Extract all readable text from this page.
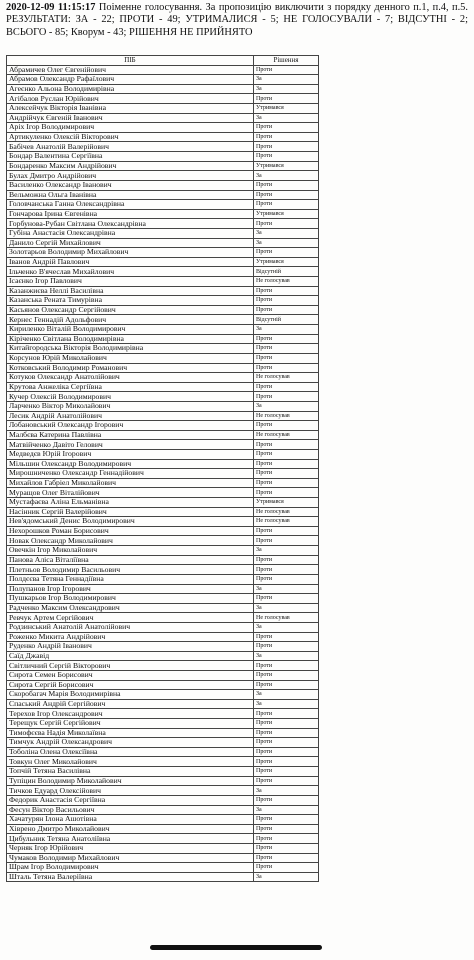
2020-12-09 11:15:17 Поіменне голосування. За пропозицію виключити з порядку денного п.1, п.4, п.5. РЕЗУЛЬТАТИ: ЗА - 22; ПРОТИ - 49; УТРИМАЛИСЯ - 5; НЕ ГОЛОСУВАЛИ - 7; ВІДСУТНІ - 2; ВСЬОГО - 85; Кворум - 43; РІШЕННЯ НЕ ПРИЙНЯТО
ПІБ	Рішення
Абрамичев Олег Євгенійович	Проти
Абрамов Олександр Рафаїлович	За
Агеєнко Альона Володимирівна	За
Агібалов Руслан Юрійович	Проти
Алексейчук Вікторія Іванівна	Утримався
Андрійчук Євгеній Іванович	За
Аріх Ігор Володимирович	Проти
Артикуленко Олексій Вікторович	Проти
Бабічев Анатолій Валерійович	Проти
Бондар Валентина Сергіївна	Проти
Бондаренко Максим Андрійович	Утримався
Булах Дмитро Андрійович	За
Василенко Олександр Іванович	Проти
Вельможна Ольга Іванівна	Проти
Головчанська Ганна Олександрівна	Проти
Гончарова Ірина Євгенівна	Утримався
Горбунова-Рубан Світлана Олександрівна	Проти
Губіна Анастасія Олександрівна	За
Данило Сергій Михайлович	За
Золотарьов Володимир Михайлович	Проти
Іванов Андрій Павлович	Утримався
Ільченко В'ячеслав Михайлович	Відсутній
Ісаєнко Ігор Павлович	Не голосував
Казанжиєва Неллі Василівна	Проти
Казанська Рената Тимурівна	Проти
Касьянов Олександр Сергійович	Проти
Кернес Геннадій Адольфович	Відсутній
Кириленко Віталій Володимирович	За
Кіріченко Світлана Володимирівна	Проти
Китайгородська Вікторія Володимирівна	Проти
Корсунов Юрій Миколайович	Проти
Котковський Володимир Романович	Проти
Котуков Олександр Анатолійович	Не голосував
Крутова Анжеліка Сергіївна	Проти
Кучер Олексій Володимирович	Проти
Ларченко Віктор Миколайович	За
Лесик Андрій Анатолійович	Не голосував
Лобановський Олександр Ігорович	Проти
Малбєва Катерина Павлівна	Не голосував
Матвійченко Давіто Гелович	Проти
Медведєв Юрій Ігорович	Проти
Мільшин Олександр Володимирович	Проти
Мирошниченко Олександр Геннадійович	Проти
Михайлов Габріел Миколайович	Проти
Муращов Олег Віталійович	Проти
Мустафаєва Аліна Ельманівна	Утримався
Насінник Сергій Валерійович	Не голосував
Нев'ядомський Денис Володимирович	Не голосував
Нехорошков Роман Борисович	Проти
Новак Олександр Миколайович	Проти
Овечкін Ігор Миколайович	За
Панова Аліса Віталіївна	Проти
Плетньов Володимир Васильович	Проти
Полдєєва Тетяна Геннадіївна	Проти
Полупанов Ігор Ігорович	За
Пушкарьов Ігор Володимирович	Проти
Радченко Максим Олександрович	За
Ревчук Артем Сергійович	Не голосував
Родзинський Анатолій Анатолійович	За
Роженко Микита Андрійович	Проти
Руденко Андрій Іванович	Проти
Саїд Джавід	За
Світличний Сергій Вікторович	Проти
Сирота Семен Борисович	Проти
Сирота Сергій Борисович	Проти
Скоробагач Марія Володимирівна	За
Спаський Андрій Сергійович	За
Терехов Ігор Олександрович	Проти
Терещук Сергій Сергійович	Проти
Тимофєєва Надія Миколаївна	Проти
Тимчук Андрій Олександрович	Проти
Тоболіна Олена Олексіївна	Проти
Товкун Олег Миколайович	Проти
Топчій Тетяна Василівна	Проти
Тупіцин Володимир Миколайович	Проти
Тичков Едуард Олексійович	За
Федорик Анастасія Сергіївна	Проти
Фесун Віктор Васильович	За
Хачатурян Ілона Ашотівна	Проти
Хіврено Дмитро Миколайович	Проти
Цибульник Тетяна Анатоліївна	Проти
Черняк Ігор Юрійович	Проти
Чумаков Володимир Михайлович	Проти
Шрам Ігор Володимирович	Проти
Шталь Тетяна Валеріївна	За
